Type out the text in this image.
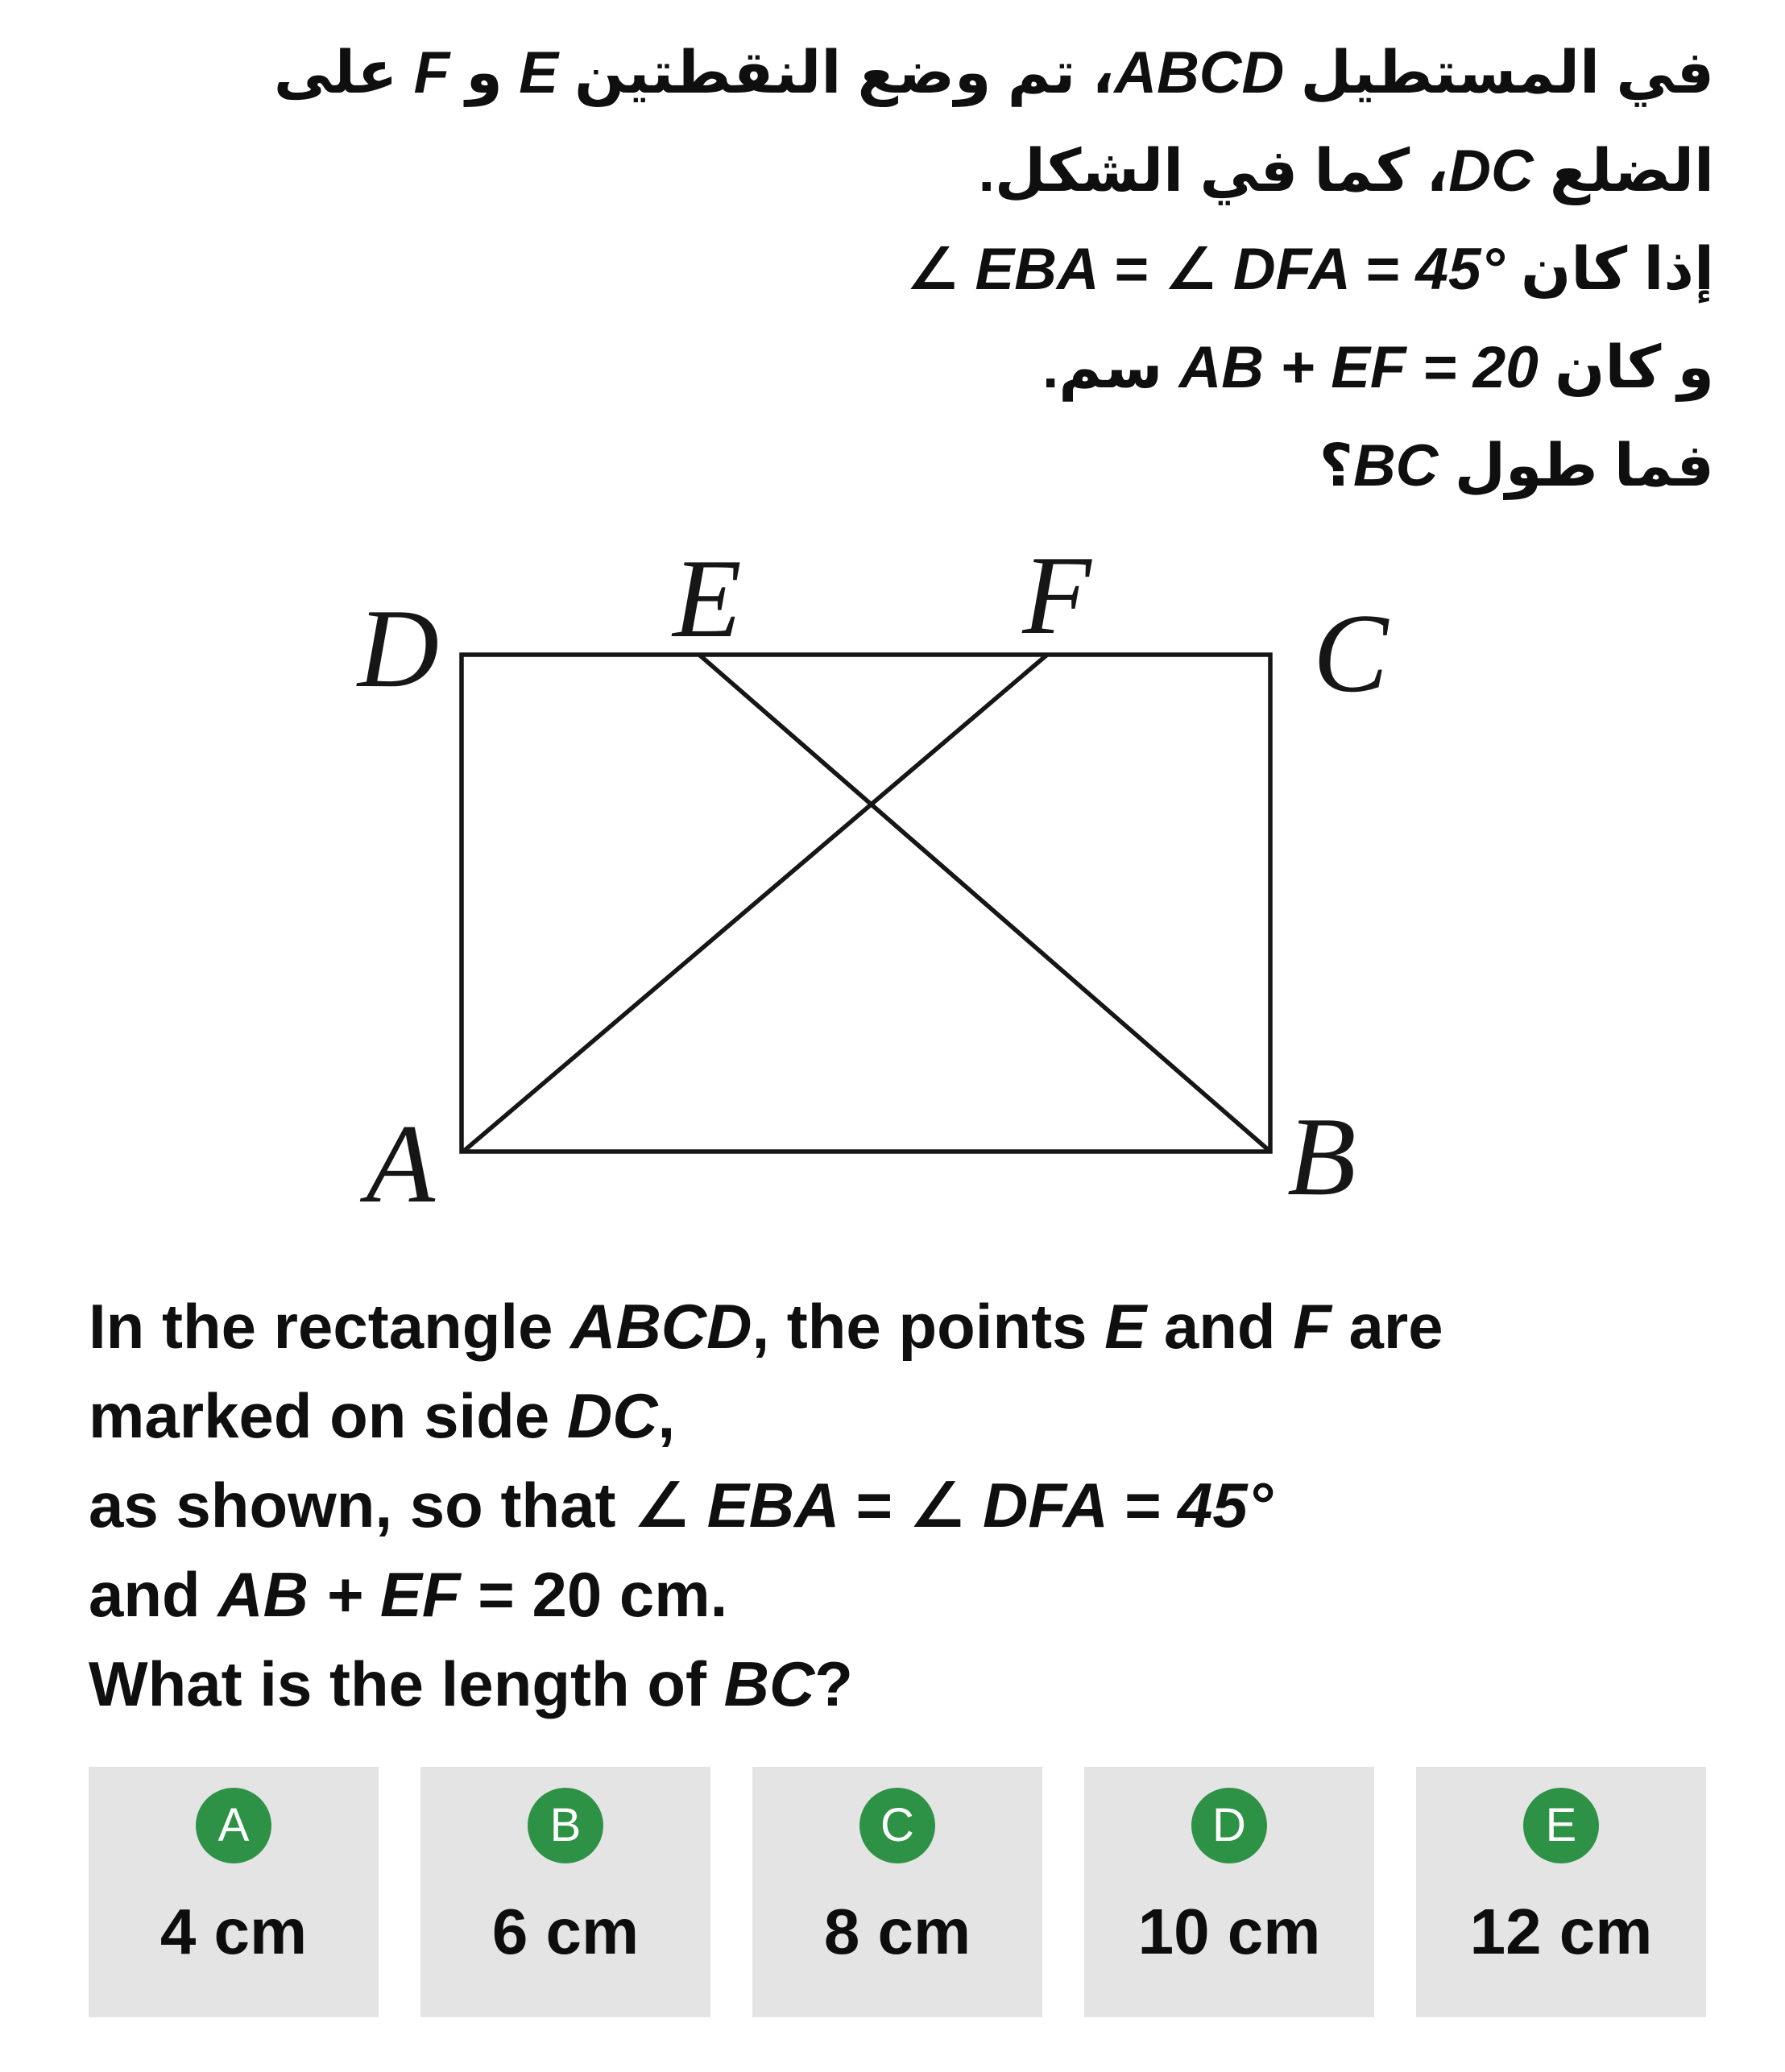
في المستطيل ABCD، تم وضع النقطتين E و F على
الضلع DC، كما في الشكل.
إذا كان ∠ EBA = ∠ DFA = 45°
و كان AB + EF = 20 سم.
فما طول BC؟
D E F C
A	B
In the rectangle ABCD, the points E and F are
marked on side DC,
as shown, so that ∠ EBA = ∠ DFA = 45°
and AB + EF = 20 cm.
What is the length of BC?
A
4 cm
B
6 cm
C
8 cm
D
10 cm
E
12 cm
